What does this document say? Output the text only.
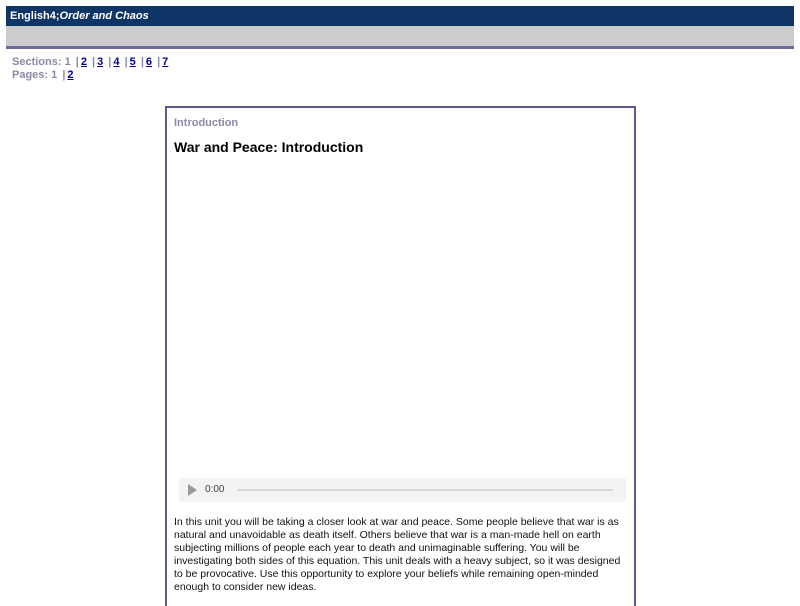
English4;Order and Chaos
Sections: 1 | 2 | 3 | 4 | 5 | 6 | 7
Pages: 1 | 2
Introduction
War and Peace: Introduction
0:00

In this unit you will be taking a closer look at war and peace. Some people believe that war is as natural and unavoidable as death itself. Others believe that war is a man-made hell on earth subjecting millions of people each year to death and unimaginable suffering. You will be investigating both sides of this equation. This unit deals with a heavy subject, so it was designed to be provocative. Use this opportunity to explore your beliefs while remaining open-minded enough to consider new ideas.
